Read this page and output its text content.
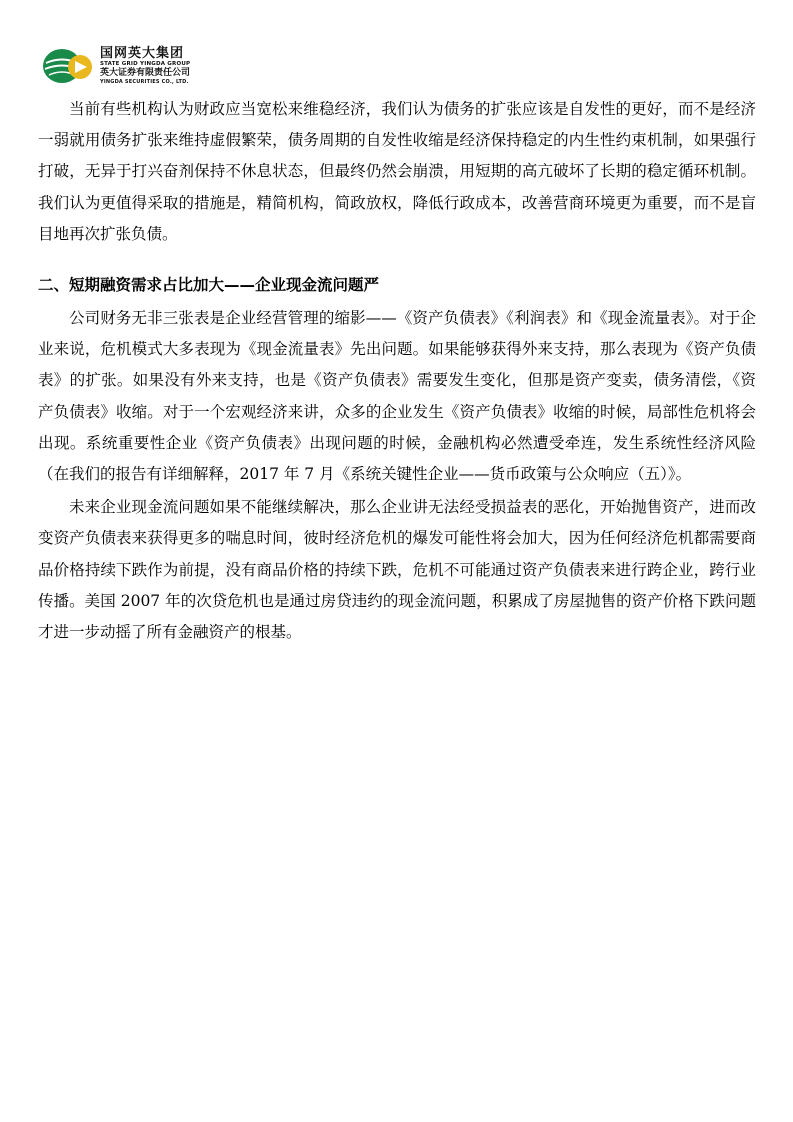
国网英大集团
STATE GRID YINGDA GROUP
英大证券有限责任公司
YINGDA SECURITIES CO., LTD.

当前有些机构认为财政应当宽松来维稳经济，我们认为债务的扩张应该是自发性的更好，而不是经济一弱就用债务扩张来维持虚假繁荣，债务周期的自发性收缩是经济保持稳定的内生性约束机制，如果强行打破，无异于打兴奋剂保持不休息状态，但最终仍然会崩溃，用短期的高亢破坏了长期的稳定循环机制。我们认为更值得采取的措施是，精简机构，简政放权，降低行政成本，改善营商环境更为重要，而不是盲目地再次扩张负债。

二、短期融资需求占比加大——企业现金流问题严

公司财务无非三张表是企业经营管理的缩影——《资产负债表》《利润表》和《现金流量表》。对于企业来说，危机模式大多表现为《现金流量表》先出问题。如果能够获得外来支持，那么表现为《资产负债表》的扩张。如果没有外来支持，也是《资产负债表》需要发生变化，但那是资产变卖，债务清偿，《资产负债表》收缩。对于一个宏观经济来讲，众多的企业发生《资产负债表》收缩的时候，局部性危机将会出现。系统重要性企业《资产负债表》出现问题的时候，金融机构必然遭受牵连，发生系统性经济风险（在我们的报告有详细解释，2017 年 7 月《系统关键性企业——货币政策与公众响应（五）》。

未来企业现金流问题如果不能继续解决，那么企业讲无法经受损益表的恶化，开始抛售资产，进而改变资产负债表来获得更多的喘息时间，彼时经济危机的爆发可能性将会加大，因为任何经济危机都需要商品价格持续下跌作为前提，没有商品价格的持续下跌，危机不可能通过资产负债表来进行跨企业，跨行业传播。美国 2007 年的次贷危机也是通过房贷违约的现金流问题，积累成了房屋抛售的资产价格下跌问题才进一步动摇了所有金融资产的根基。
